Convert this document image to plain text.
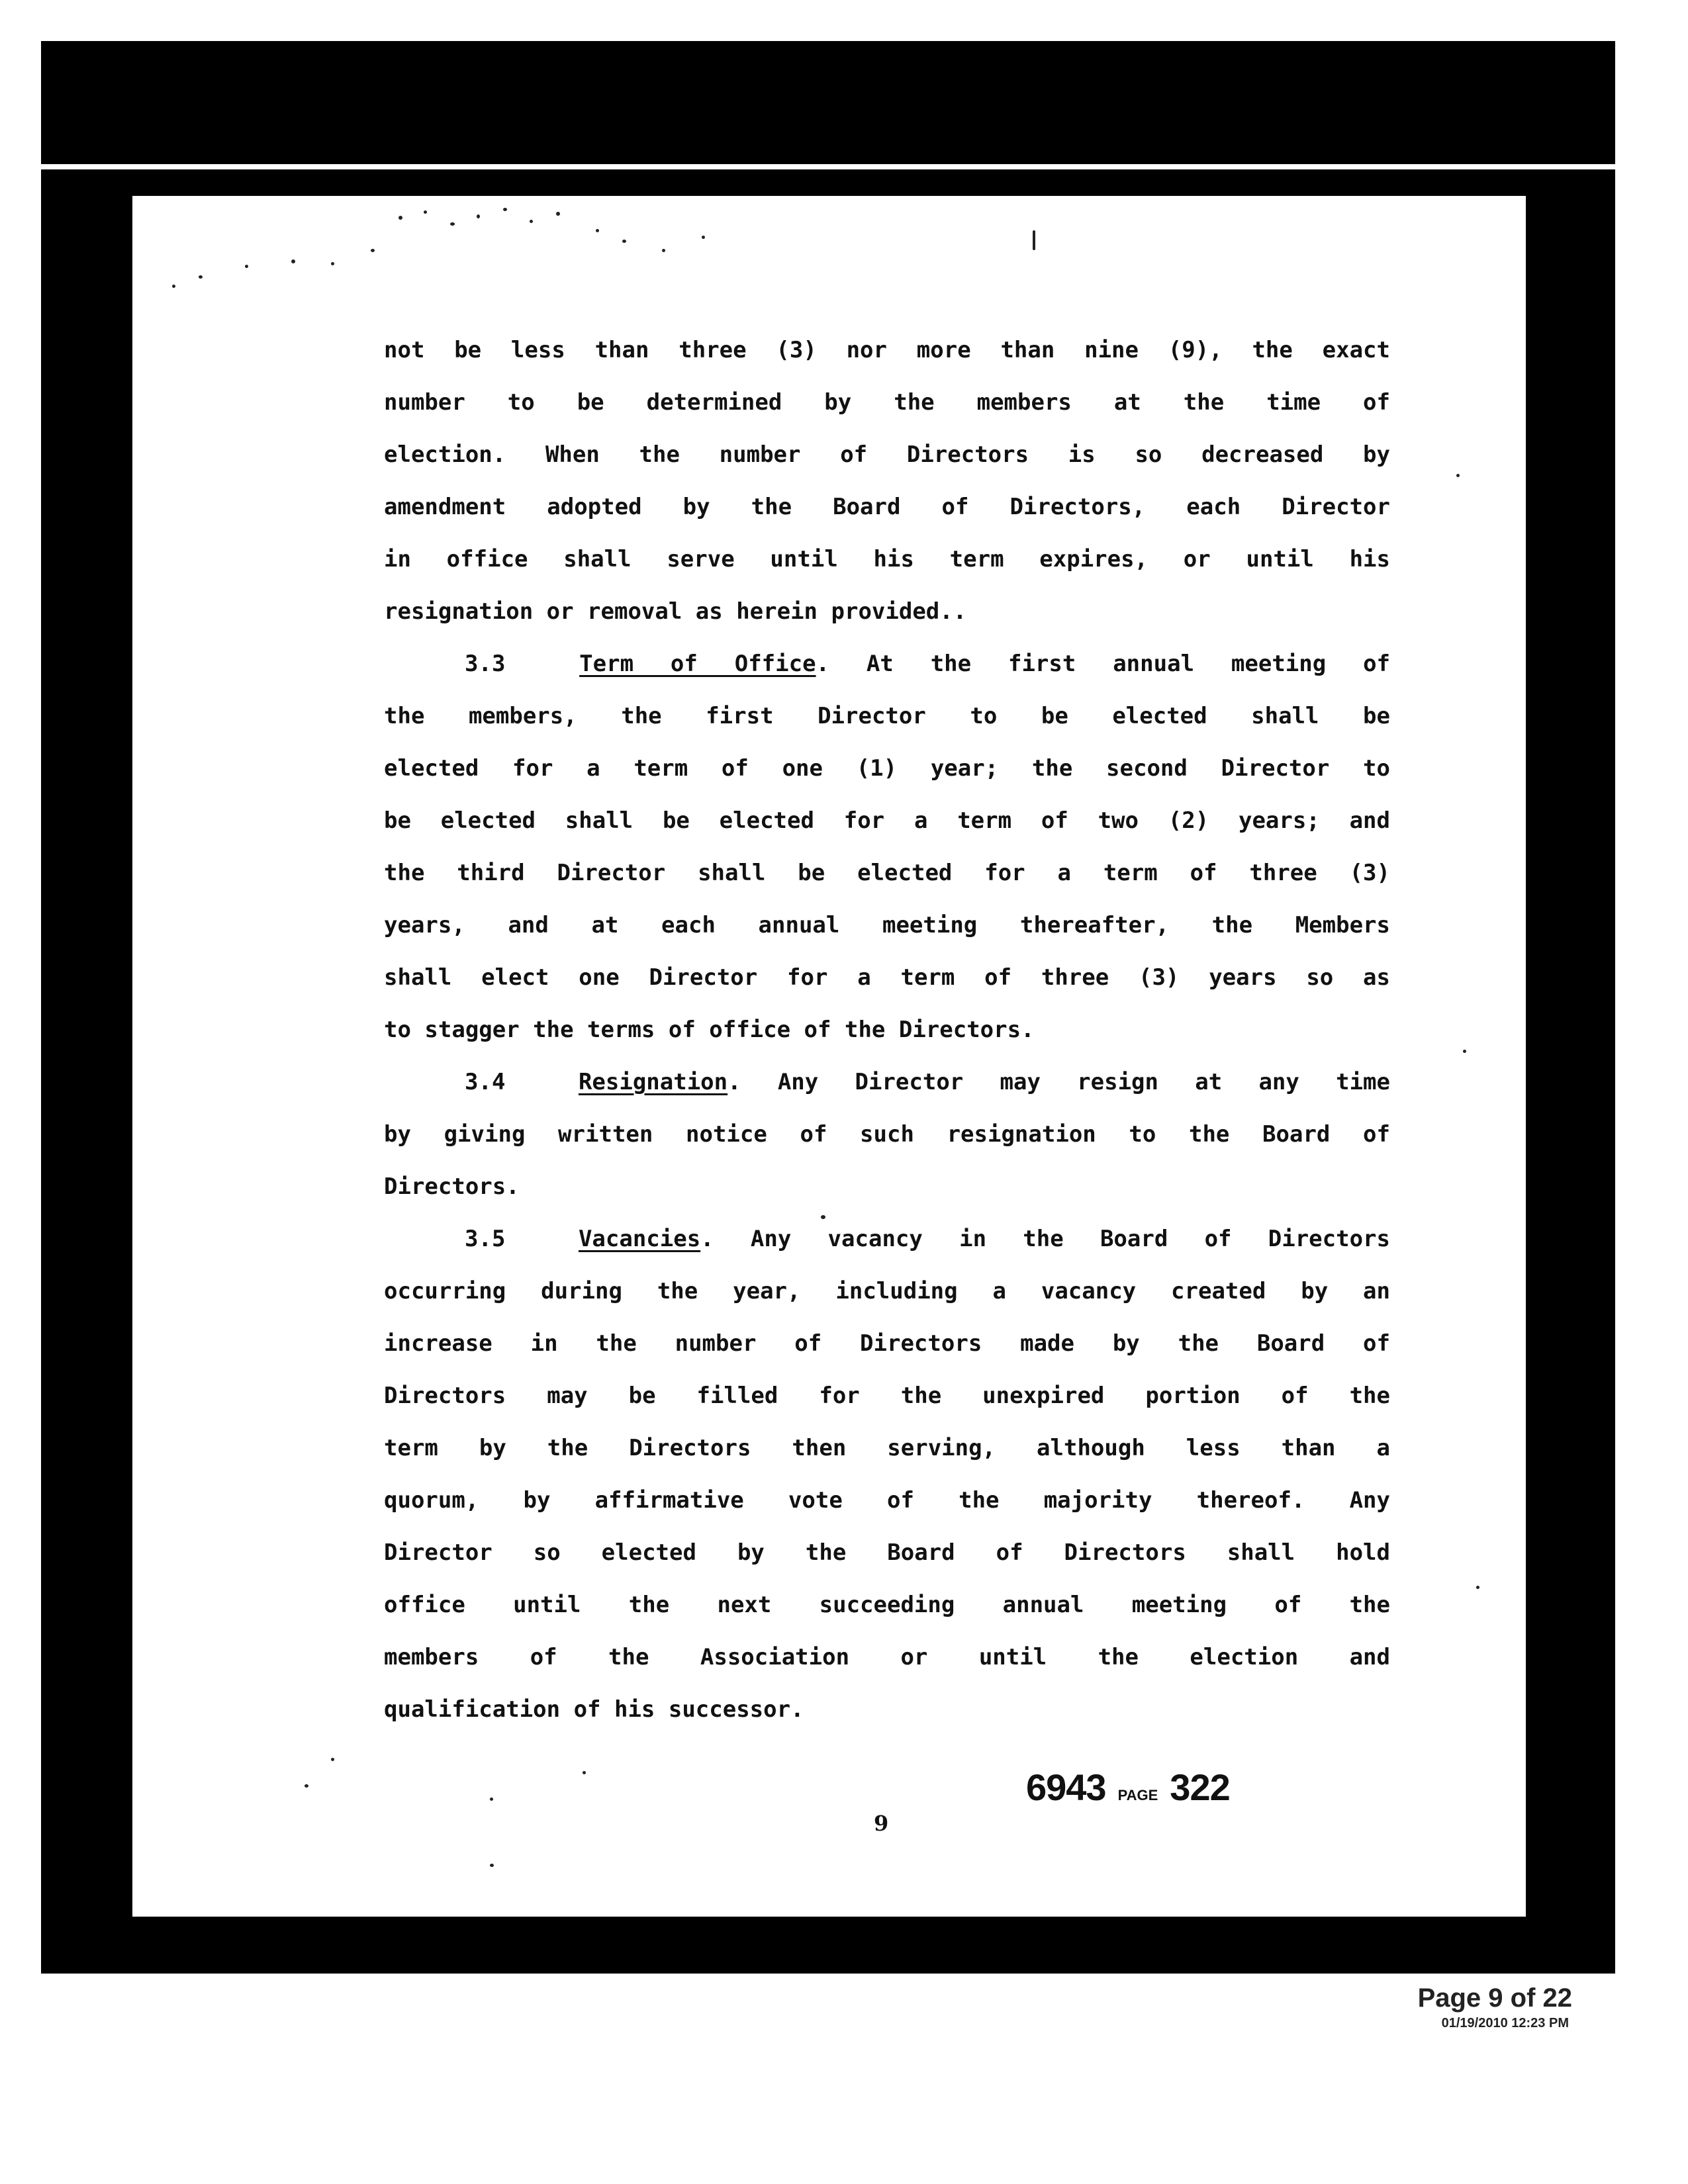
not be less than three (3) nor more than nine (9), the exact
number to be determined by the members at the time of
election. When the number of Directors is so decreased by
amendment adopted by the Board of Directors, each Director
in office shall serve until his term expires, or until his
resignation or removal as herein provided..
3.3	Term of Office. At the first annual meeting of
the members, the first Director to be elected shall be
elected for a term of one (1) year; the second Director to
be elected shall be elected for a term of two (2) years; and
the third Director shall be elected for a term of three (3)
years, and at each annual meeting thereafter, the Members
shall elect one Director for a term of three (3) years so as
to stagger the terms of office of the Directors.
3.4	Resignation. Any Director may resign at any time
by giving written notice of such resignation to the Board of
Directors.
3.5	Vacancies. Any vacancy in the Board of Directors
occurring during the year, including a vacancy created by an
increase in the number of Directors made by the Board of
Directors may be filled for the unexpired portion of the
term by the Directors then serving, although less than a
quorum, by affirmative vote of the majority thereof. Any
Director so elected by the Board of Directors shall hold
office until the next succeeding annual meeting of the
members of the Association or until the election and
qualification of his successor.
6943 PAGE 322
9
Page 9 of 22
01/19/2010 12:23 PM
